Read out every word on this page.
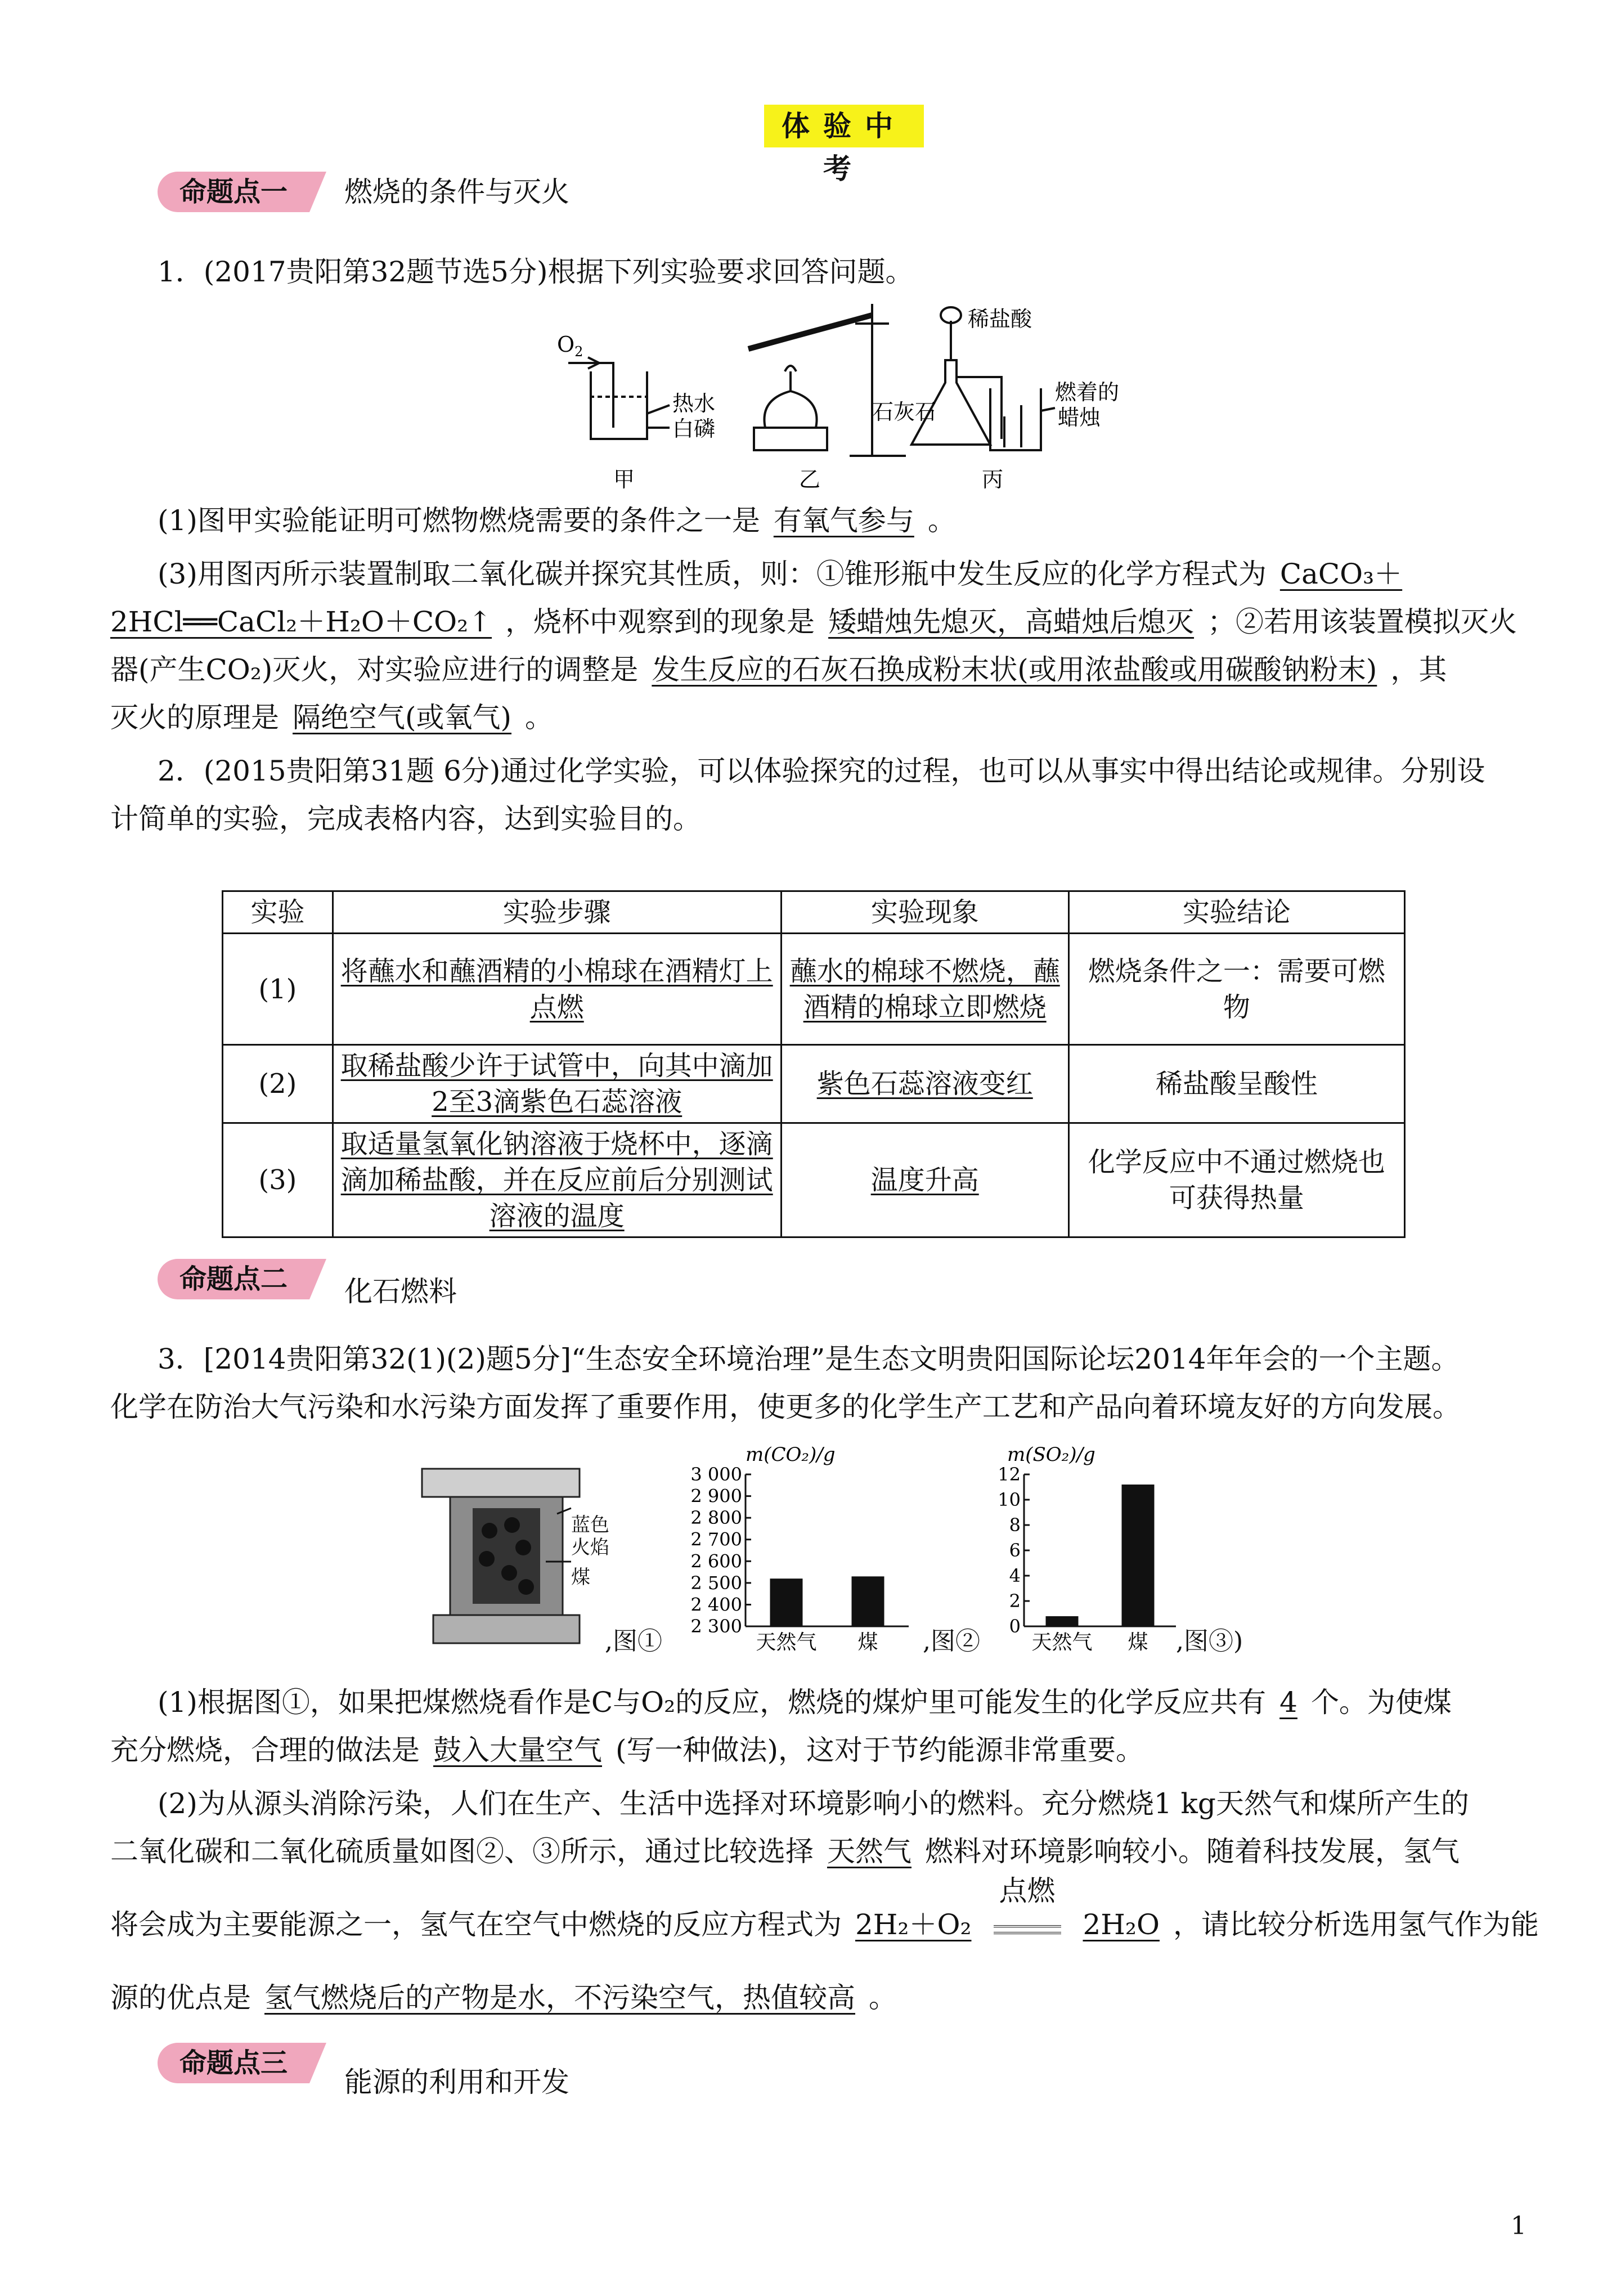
体验中考
命题点一	燃烧的条件与灭火
1．(2017贵阳第32题节选5分)根据下列实验要求回答问题。
$O_2$
热水
白磷
稀盐酸
石灰石
燃着的
蜡烛
甲	乙	丙
(1)图甲实验能证明可燃物燃烧需要的条件之一是 有氧气参与 。
(3)用图丙所示装置制取二氧化碳并探究其性质，则：①锥形瓶中发生反应的化学方程式为 CaCO₃＋
2HCl══CaCl₂＋H₂O＋CO₂↑ ，烧杯中观察到的现象是 矮蜡烛先熄灭，高蜡烛后熄灭 ；②若用该装置模拟灭火
器(产生CO₂)灭火，对实验应进行的调整是 发生反应的石灰石换成粉末状(或用浓盐酸或用碳酸钠粉末) ，其
灭火的原理是 隔绝空气(或氧气) 。
2．(2015贵阳第31题 6分)通过化学实验，可以体验探究的过程，也可以从事实中得出结论或规律。分别设
计简单的实验，完成表格内容，达到实验目的。
实验	实验步骤	实验现象	实验结论
(1)	将蘸水和蘸酒精的小棉球在酒精灯上点燃	蘸水的棉球不燃烧，蘸酒精的棉球立即燃烧	燃烧条件之一：需要可燃物
(2)	取稀盐酸少许于试管中，向其中滴加2至3滴紫色石蕊溶液	紫色石蕊溶液变红	稀盐酸呈酸性
(3)	取适量氢氧化钠溶液于烧杯中，逐滴滴加稀盐酸，并在反应前后分别测试溶液的温度	温度升高	化学反应中不通过燃烧也可获得热量
命题点二	化石燃料
3．[2014贵阳第32(1)(2)题5分]“生态安全环境治理”是生态文明贵阳国际论坛2014年年会的一个主题。
化学在防治大气污染和水污染方面发挥了重要作用，使更多的化学生产工艺和产品向着环境友好的方向发展。
蓝色
火焰
煤
,图①
m(CO₂)/g
3 000
2 900
2 800
2 700
2 600
2 500
2 400
2 300
天然气 煤 ,图②
m(SO₂)/g
12
10
8
6
4
2
0
天然气 煤 ,图③)
(1)根据图①，如果把煤燃烧看作是C与O₂的反应，燃烧的煤炉里可能发生的化学反应共有 4 个。为使煤
充分燃烧，合理的做法是 鼓入大量空气 (写一种做法)，这对于节约能源非常重要。
(2)为从源头消除污染，人们在生产、生活中选择对环境影响小的燃料。充分燃烧1 kg天然气和煤所产生的
二氧化碳和二氧化硫质量如图②、③所示，通过比较选择 天然气 燃料对环境影响较小。随着科技发展，氢气
将会成为主要能源之一，氢气在空气中燃烧的反应方程式为 2H₂＋O₂
点燃
2H₂O ，请比较分析选用氢气作为能
源的优点是 氢气燃烧后的产物是水，不污染空气，热值较高 。
命题点三
能源的利用和开发
1
